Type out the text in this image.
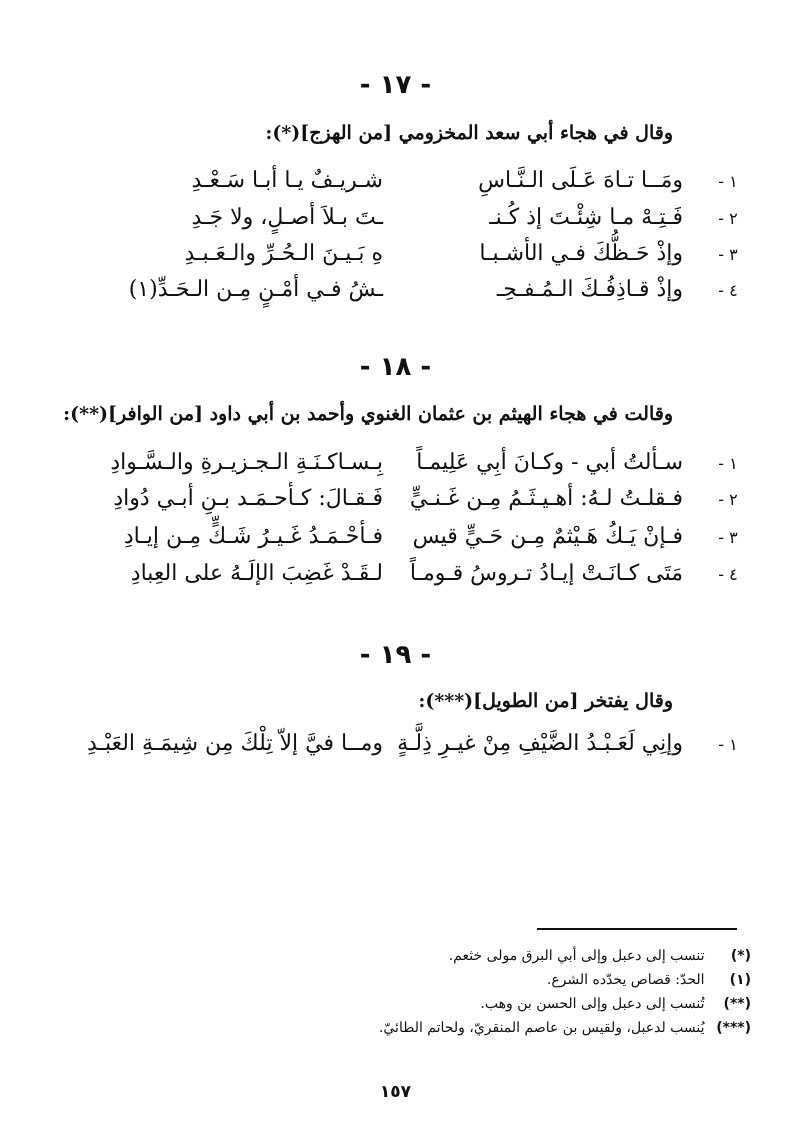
- ١٧ -
وقال في هجاء أبي سعد المخزومي [من الهزج](*):
١ -
ومَــا تـاهَ عَـلَى الـنَّـاسِ
شـريـفٌ يـا أبـا سَـعْـدِ
٢ -
فَـتِـهْ مـا شِئْـتَ إذ كُـنـ
ـتَ بـلاَ أصـلٍ، ولا جَـدِ
٣ -
وإذْ حَـظُّكَ فـي الأشـبـا
هِ بَـيـنَ الـحُـرِّ والـعَـبـدِ
٤ -
وإذْ قـاذِفُـكَ الـمُـفـحِـ
ـشُ فـي أمْـنٍ مِـن الـحَـدِّ(١)
- ١٨ -
وقالت في هجاء الهيثم بن عثمان الغنوي وأحمد بن أبي داود [من الوافر](**):
١ -
سـألتُ أبي - وكـانَ أبِي عَلِيمـاً
بِـسـاكـنَـةِ الـجـزيـرةِ والـسَّـوادِ
٢ -
فـقلـتُ لـهُ: أهـيـثَـمُ مِـن غَـنـيٍّ
فَـقـالَ: كـأحـمَـد بـنِ أبـي دُوادِ
٣ -
فـإنْ يَـكُ هَـيْثمٌ مِـن حَـيٍّ قيس
فـأحْـمَـدُ غَـيـرُ شَـكٍّ مِـن إيـادِ
٤ -
مَتَى كـانَـتْ إيـادُ تـروسُ قـومـاً
لـقَـدْ غَضِبَ الإلَـهُ على العِبادِ
- ١٩ -
وقال يفتخر [من الطويل](***):
١ -
وإنِي لَعَـبْـدُ الضَّيْفِ مِنْ غيـرِ ذِلَّـةٍ
ومــا فيَّ إلاّ تِلْكَ مِن شِيمَـةِ العَبْـدِ
(*) تنسب إلى دعبل وإلى أبي البرق مولى خثعم.
(١) الحدّ: قصاص يحدّده الشرع.
(**) تُنسب إلى دعبل وإلى الحسن بن وهب.
(***) يُنسب لدعبل، ولقيس بن عاصم المنقريّ، ولحاتم الطائيّ.
١٥٧
